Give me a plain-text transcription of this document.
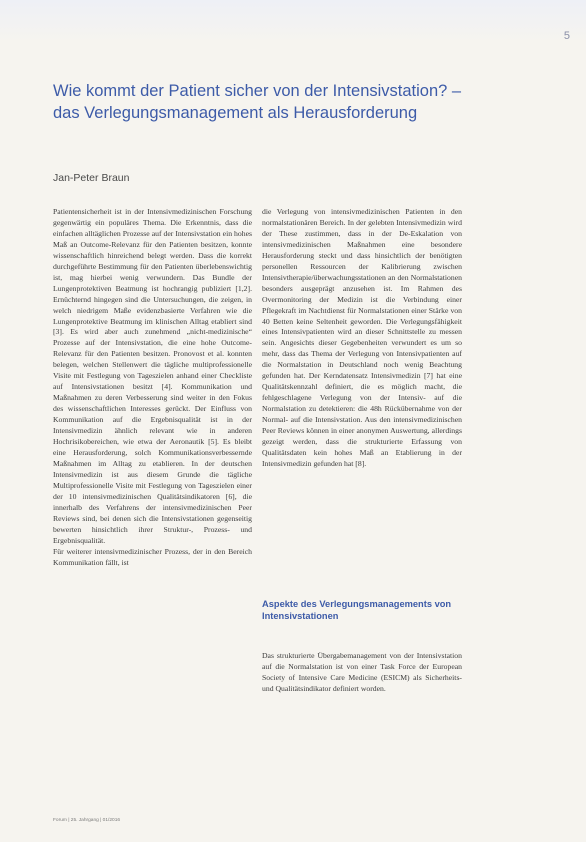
5
Wie kommt der Patient sicher von der Intensivstation? – das Verlegungsmanagement als Herausforderung
Jan-Peter Braun
Patientensicherheit ist in der Intensivmedizinischen Forschung gegenwärtig ein populäres Thema. Die Erkenntnis, dass die einfachen alltäglichen Prozesse auf der Intensivstation ein hohes Maß an Outcome-Relevanz für den Patienten besitzen, konnte wissenschaftlich hinreichend belegt werden. Dass die korrekt durchgeführte Bestimmung für den Patienten überlebenswichtig ist, mag hierbei wenig verwundern. Das Bundle der Lungenprotektiven Beatmung ist hochrangig publiziert [1,2]. Ernüchternd hingegen sind die Untersuchungen, die zeigen, in welch niedrigem Maße evidenzbasierte Verfahren wie die Lungenprotektive Beatmung im klinischen Alltag etabliert sind [3]. Es wird aber auch zunehmend „nicht-medizinische“ Prozesse auf der Intensivstation, die eine hohe Outcome-Relevanz für den Patienten besitzen. Pronovost et al. konnten belegen, welchen Stellenwert die tägliche multiprofessionelle Visite mit Festlegung von Tageszielen anhand einer Checkliste auf Intensivstationen besitzt [4]. Kommunikation und Maßnahmen zu deren Verbesserung sind weiter in den Fokus des wissenschaftlichen Interesses gerückt. Der Einfluss von Kommunikation auf die Ergebnisqualität ist in der Intensivmedizin ähnlich relevant wie in anderen Hochrisikobereichen, wie etwa der Aeronautik [5]. Es bleibt eine Herausforderung, solch Kommunikationsverbessernde Maßnahmen im Alltag zu etablieren. In der deutschen Intensivmedizin ist aus diesem Grunde die tägliche Multiprofessionelle Visite mit Festlegung von Tageszielen einer der 10 intensivmedizinischen Qualitätsindikatoren [6], die innerhalb des Verfahrens der intensivmedizinischen Peer Reviews sind, bei denen sich die Intensivstationen gegenseitig bewerten hinsichtlich ihrer Struktur-, Prozess- und Ergebnisqualität.
Für weiterer intensivmedizinischer Prozess, der in den Bereich Kommunikation fällt, ist
die Verlegung von intensivmedizinischen Patienten in den normalstationären Bereich. In der gelebten Intensivmedizin wird der These zustimmen, dass in der De-Eskalation von intensivmedizinischen Maßnahmen eine besondere Herausforderung steckt und dass hinsichtlich der benötigten personellen Ressourcen der Kalibrierung zwischen Intensivtherapie/überwachungsstationen an den Normalstationen besonders ausgeprägt anzusehen ist. Im Rahmen des Overmonitoring der Medizin ist die Verbindung einer Pflegekraft im Nachtdienst für Normalstationen einer Stärke von 40 Betten keine Seltenheit geworden. Die Verlegungsfähigkeit eines Intensivpatienten wird an dieser Schnittstelle zu messen sein. Angesichts dieser Gegebenheiten verwundert es um so mehr, dass das Thema der Verlegung von Intensivpatienten auf die Normalstation in Deutschland noch wenig Beachtung gefunden hat. Der Kerndatensatz Intensivmedizin [7] hat eine Qualitätskennzahl definiert, die es möglich macht, die fehlgeschlagene Verlegung von der Intensiv- auf die Normalstation zu detektieren: die 48h Rückübernahme von der Normal- auf die Intensivstation. Aus den intensivmedizinischen Peer Reviews können in einer anonymen Auswertung, allerdings gezeigt werden, dass die strukturierte Erfassung von Qualitätsdaten kein hohes Maß an Etablierung in der Intensivmedizin gefunden hat [8].
Aspekte des Verlegungsmanagements von Intensivstationen
Das strukturierte Übergabemanagement von der Intensivstation auf die Normalstation ist von einer Task Force der European Society of Intensive Care Medicine (ESICM) als Sicherheits- und Qualitätsindikator definiert worden.
Forum | 25. Jahrgang | 01/2016
